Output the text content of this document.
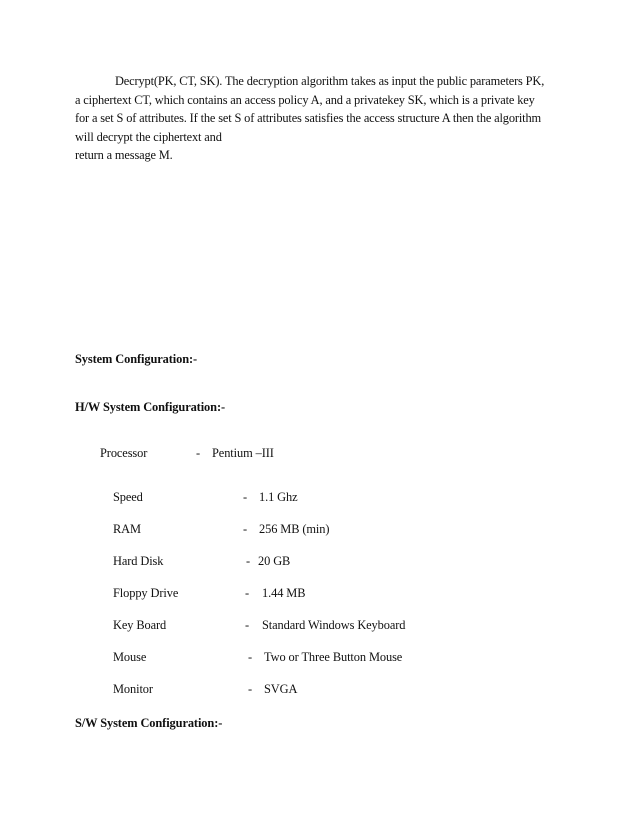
Decrypt(PK, CT, SK). The decryption algorithm takes as input the public parameters PK,
a ciphertext CT, which contains an access policy A, and a privatekey SK, which is a private key
for a set S of attributes. If the set S of attributes satisfies the access structure A then the algorithm
will decrypt the ciphertext and
return a message M.
System Configuration:-
H/W System Configuration:-
Processor	- Pentium –III
Speed	- 1.1 Ghz
RAM	- 256 MB (min)
Hard Disk	- 20 GB
Floppy Drive	- 1.44 MB
Key Board	- Standard Windows Keyboard
Mouse	- Two or Three Button Mouse
Monitor	- SVGA
S/W System Configuration:-
